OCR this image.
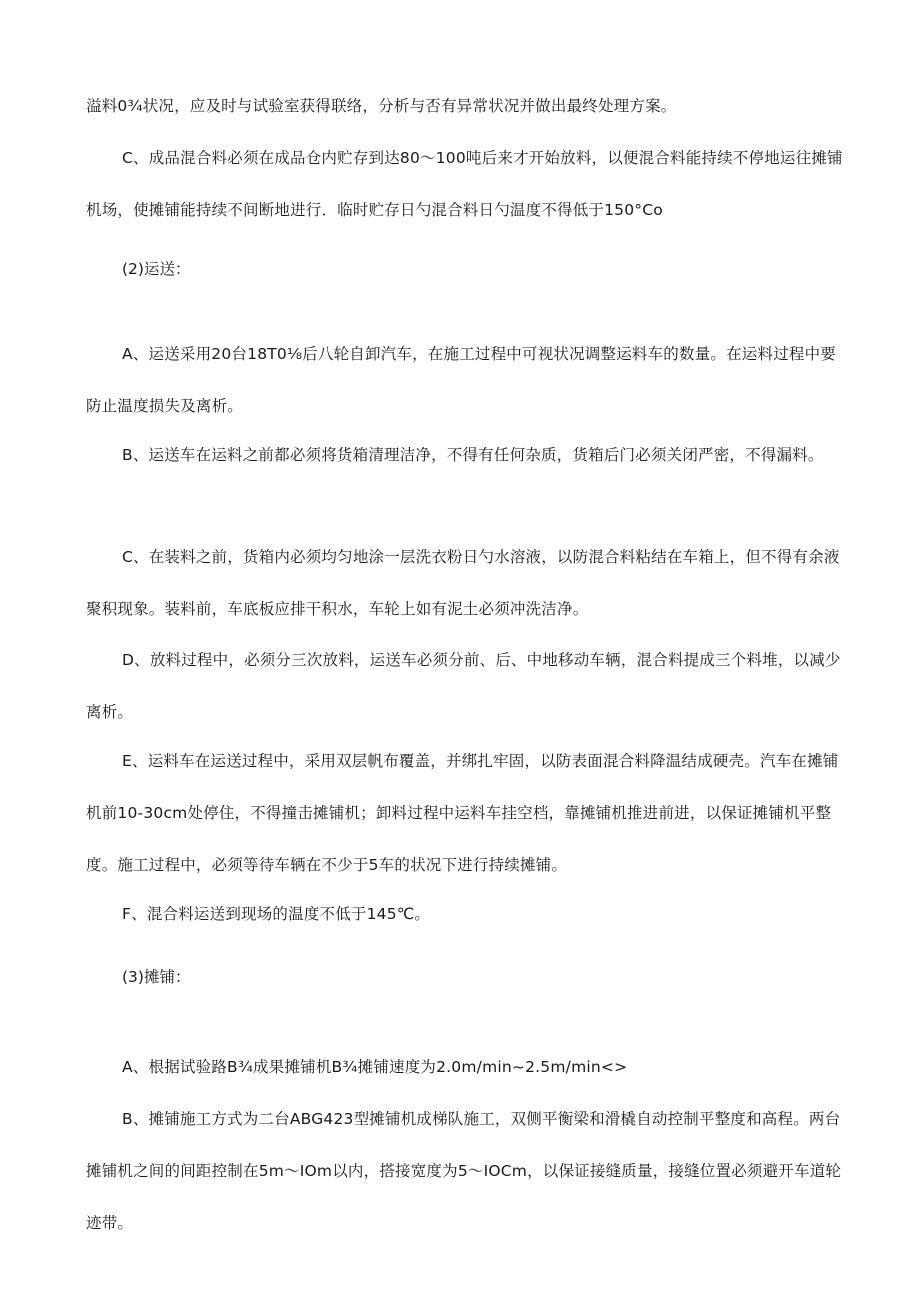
溢料0¾状况，应及时与试验室获得联络，分析与否有异常状况并做出最终处理方案。

C、成品混合料必须在成品仓内贮存到达80～100吨后来才开始放料，以便混合料能持续不停地运往摊铺机场，使摊铺能持续不间断地进行．临时贮存日勺混合料日勺温度不得低于150°Co

(2)运送：

A、运送采用20台18T0⅛后八轮自卸汽车，在施工过程中可视状况调整运料车的数量。在运料过程中要防止温度损失及离析。

B、运送车在运料之前都必须将货箱清理洁净，不得有任何杂质，货箱后门必须关闭严密，不得漏料。

C、在装料之前，货箱内必须均匀地涂一层洗衣粉日勺水溶液，以防混合料粘结在车箱上，但不得有余液聚积现象。装料前，车底板应排干积水，车轮上如有泥土必须冲洗洁净。

D、放料过程中，必须分三次放料，运送车必须分前、后、中地移动车辆，混合料提成三个料堆，以减少离析。

E、运料车在运送过程中，采用双层帆布覆盖，并绑扎牢固，以防表面混合料降温结成硬壳。汽车在摊铺机前10-30cm处停住，不得撞击摊铺机；卸料过程中运料车挂空档，靠摊铺机推进前进，以保证摊铺机平整度。施工过程中，必须等待车辆在不少于5车的状况下进行持续摊铺。

F、混合料运送到现场的温度不低于145℃。

(3)摊铺：

A、根据试验路B¾成果摊铺机B¾摊铺速度为2.0m∕min~2.5m∕min<>

B、摊铺施工方式为二台ABG423型摊铺机成梯队施工，双侧平衡梁和滑橇自动控制平整度和高程。两台摊铺机之间的间距控制在5m～IOm以内，搭接宽度为5～IOCm，以保证接缝质量，接缝位置必须避开车道轮迹带。
